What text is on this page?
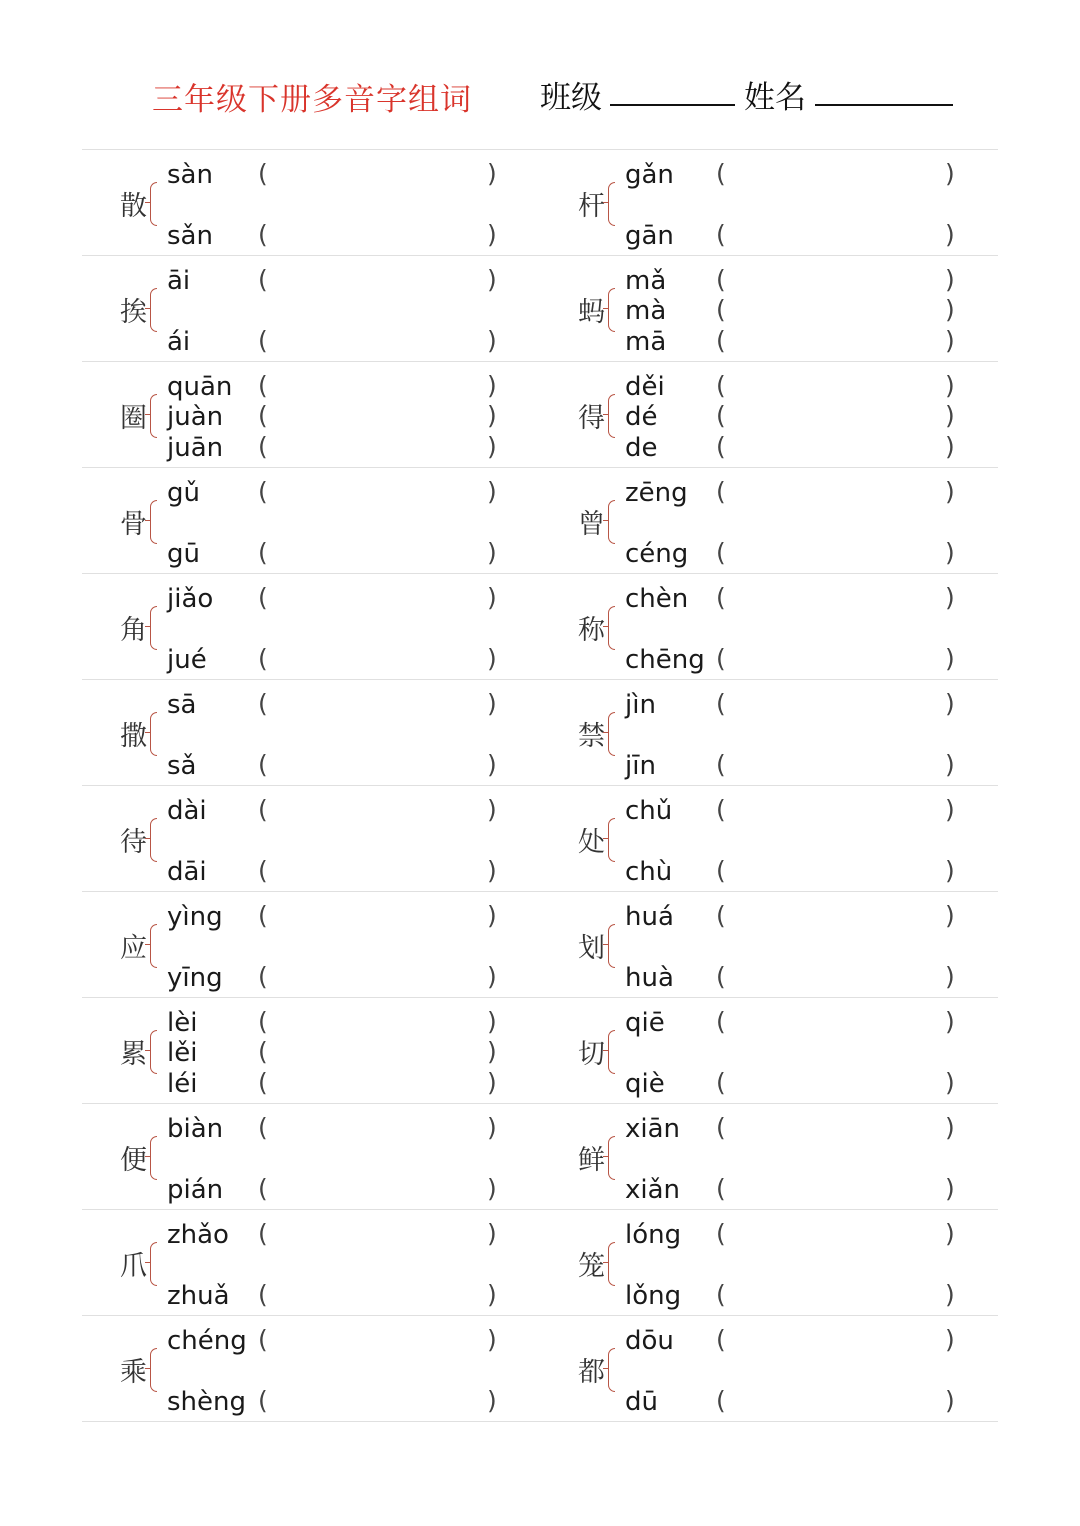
三年级下册多音字组词 班级	姓名
散
sàn (	)
sǎn (	)
杆
gǎn (	)
gān (	)
挨
āi	(	)
ái	(	)
蚂
mǎ (	)
mà (	)
mā (	)
圈
quān (	)
juàn (	)
juān (	)
得
děi (	)
dé (	)
de (	)
骨
gǔ (	)
gū (	)
曾
zēng (	)
céng (	)
角
jiǎo (	)
jué (	)
称
chèn (	)
chēng (	)
撒
sā (	)
sǎ (	)
禁
jìn (	)
jīn (	)
待
dài (	)
dāi (	)
处
chǔ (	)
chù (	)
应
yìng (	)
yīng (	)
划
huá (	)
huà (	)
累
lèi (	)
lěi (	)
léi (	)
切
qiē (	)
qiè (	)
便
biàn (	)
pián (	)
鲜
xiān (	)
xiǎn (	)
爪
zhǎo (	)
zhuǎ (	)
笼
lóng (	)
lǒng (	)
乘
chéng (	)
shèng (	)
都
dōu (	)
dū (	)
